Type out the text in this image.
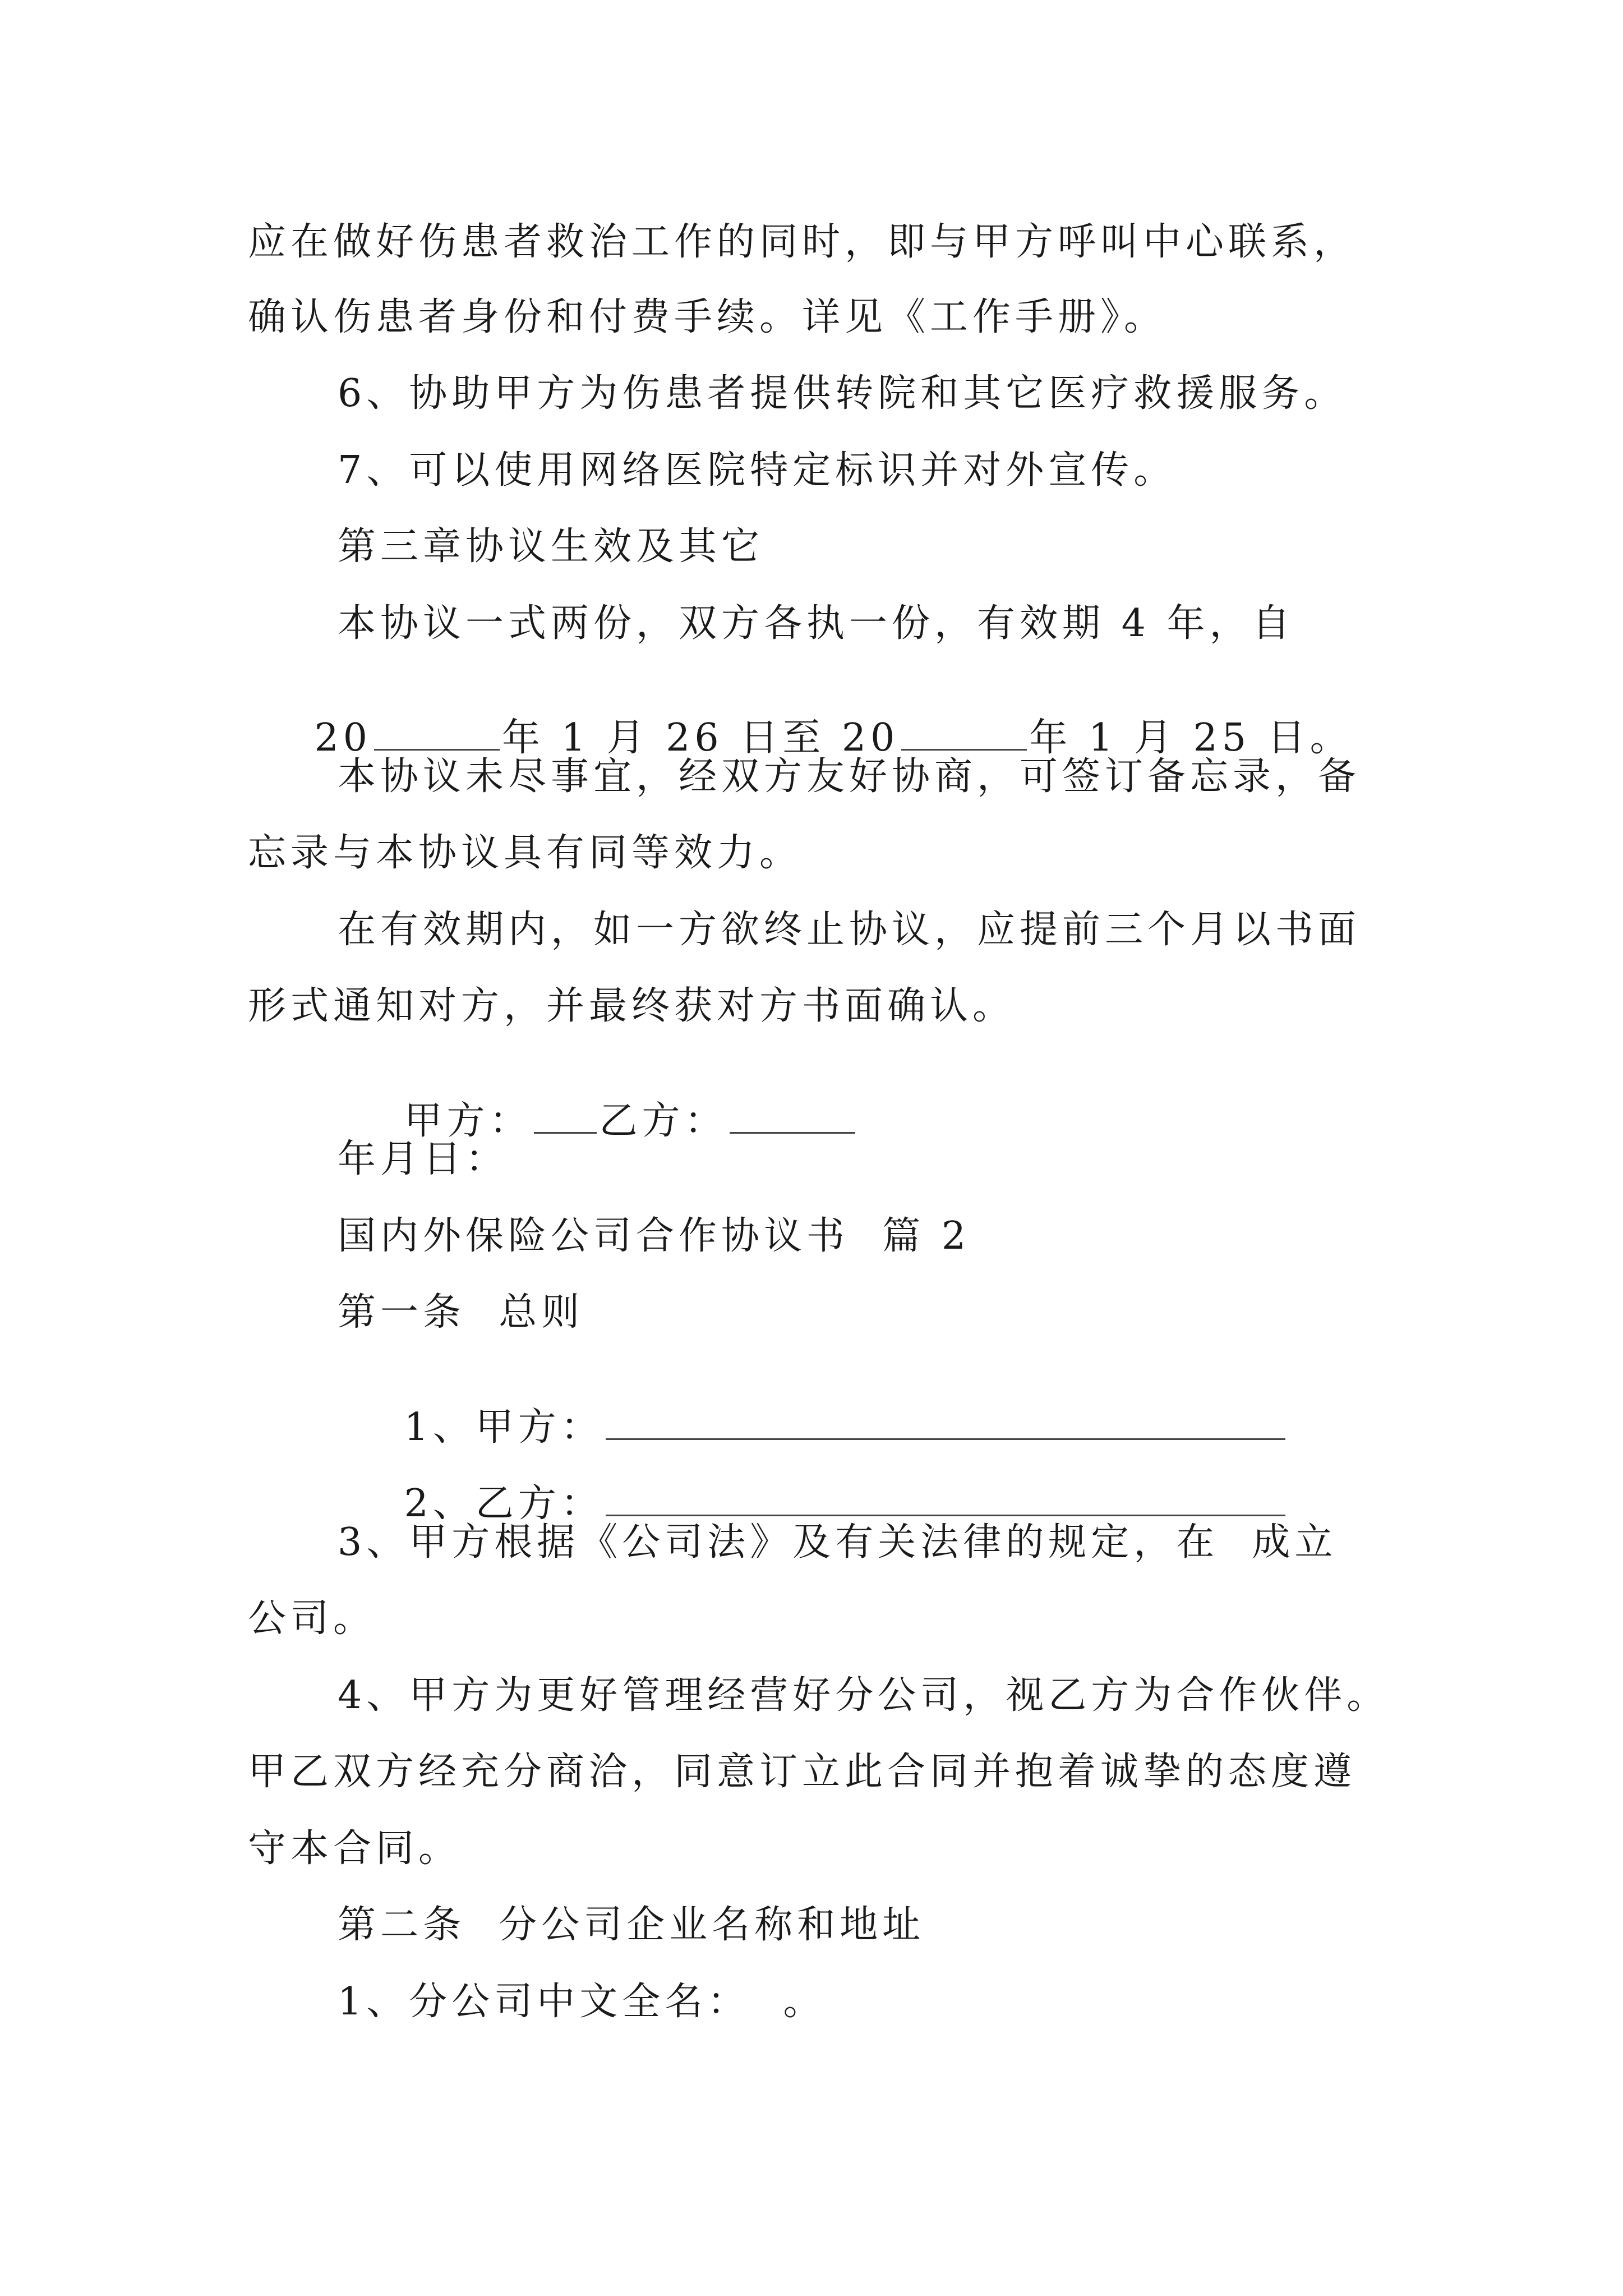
应在做好伤患者救治工作的同时，即与甲方呼叫中心联系，
确认伤患者身份和付费手续。详见《工作手册》。
6、协助甲方为伤患者提供转院和其它医疗救援服务。
7、可以使用网络医院特定标识并对外宣传。
第三章协议生效及其它
本协议一式两份，双方各执一份，有效期 4 年，自

20	年 1 月 26 日至 20	年 1 月 25 日。

本协议未尽事宜，经双方友好协商，可签订备忘录，备
忘录与本协议具有同等效力。
在有效期内，如一方欲终止协议，应提前三个月以书面
形式通知对方，并最终获对方书面确认。

甲方： 乙方：

年月日：
国内外保险公司合作协议书  篇 2
第一条  总则

1、甲方：

2、乙方：

3、甲方根据《公司法》及有关法律的规定，在  成立
公司。
4、甲方为更好管理经营好分公司，视乙方为合作伙伴。
甲乙双方经充分商洽，同意订立此合同并抱着诚挚的态度遵
守本合同。
第二条  分公司企业名称和地址
1、分公司中文全名：  。
